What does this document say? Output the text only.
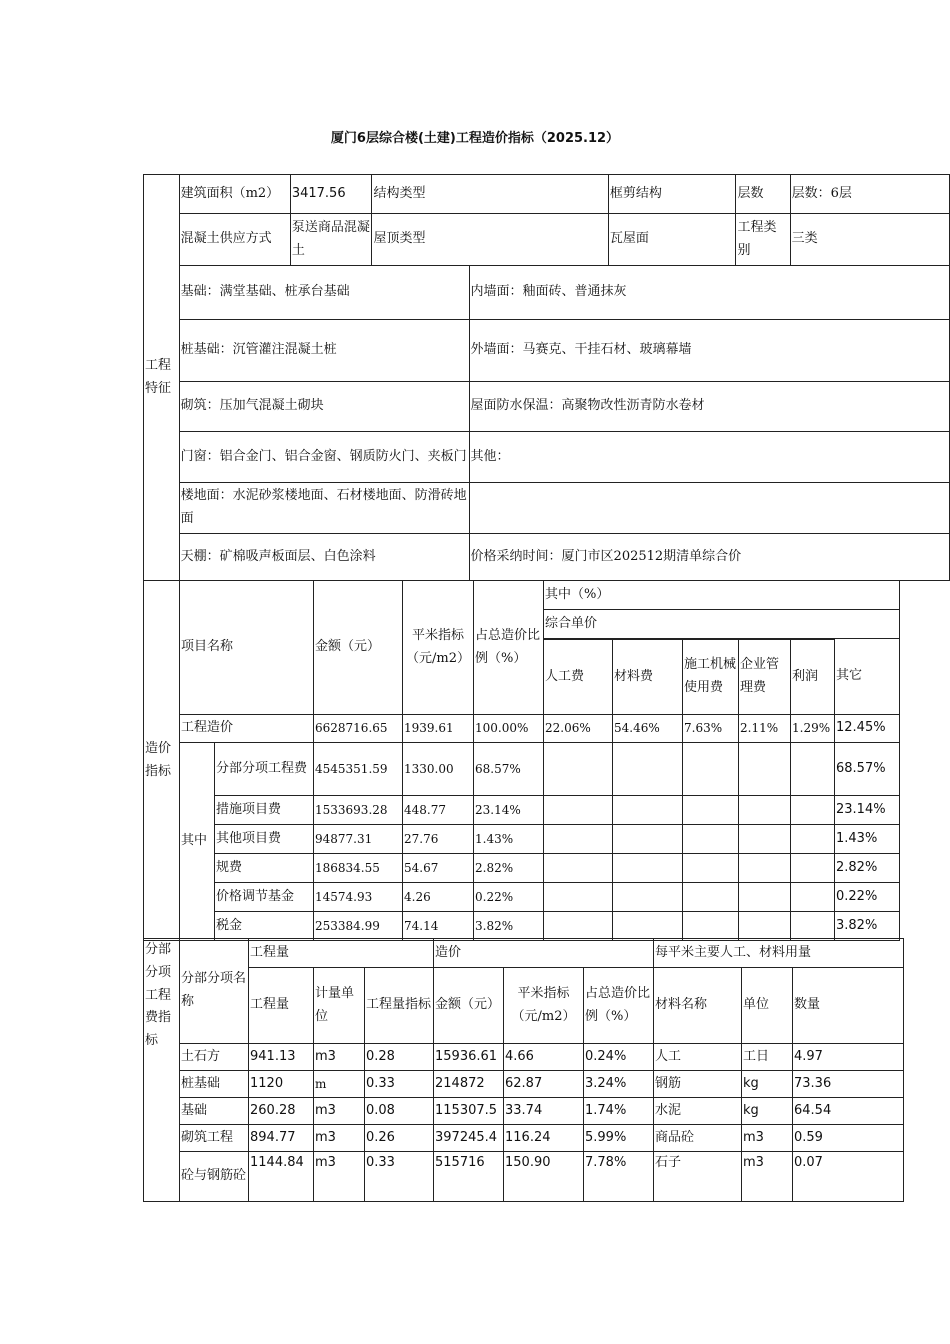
厦门6层综合楼(土建)工程造价指标（2025.12）
工程特征	建筑面积（m2）	3417.56	结构类型		框剪结构	层数	层数：6层
	混凝土供应方式	泵送商品混凝土	屋顶类型		瓦屋面	工程类别	三类
	基础：满堂基础、桩承台基础			内墙面：釉面砖、普通抹灰			
	桩基础：沉管灌注混凝土桩			外墙面：马赛克、干挂石材、玻璃幕墙			
	砌筑：压加气混凝土砌块			屋面防水保温：高聚物改性沥青防水卷材			
	门窗：铝合金门、铝合金窗、钢质防火门、夹板门			其他：			
	楼地面：水泥砂浆楼地面、石材楼地面、防滑砖地面						
	天棚：矿棉吸声板面层、白色涂料			价格采纳时间：厦门市区202512期清单综合价			
造价指标	项目名称		金额（元）	平米指标（元/m2）	占总造价比例（%）	其中（%）					
						综合单价					
											其它
						人工费	材料费	施工机械使用费	企业管理费	利润	
	工程造价		6628716.65	1939.61	100.00%	22.06%	54.46%	7.63%	2.11%	1.29%	12.45%
	其中	分部分项工程费	4545351.59	1330.00	68.57%						68.57%
		措施项目费	1533693.28	448.77	23.14%						23.14%
		其他项目费	94877.31	27.76	1.43%						1.43%
		规费	186834.55	54.67	2.82%						2.82%
		价格调节基金	14574.93	4.26	0.22%						0.22%
		税金	253384.99	74.14	3.82%						3.82%
分部分项工程费指标	分部分项名称	工程量			造价			每平米主要人工、材料用量		
		工程量	计量单位	工程量指标	金额（元）	平米指标（元/m2）	占总造价比例（%）	材料名称	单位	数量
	土石方	941.13	m3	0.28	15936.61	4.66	0.24%	人工	工日	4.97
	桩基础	1120	m	0.33	214872	62.87	3.24%	钢筋	kg	73.36
	基础	260.28	m3	0.08	115307.5	33.74	1.74%	水泥	kg	64.54
	砌筑工程	894.77	m3	0.26	397245.4	116.24	5.99%	商品砼	m3	0.59
	砼与钢筋砼	1144.84	m3	0.33	515716	150.90	7.78%	石子	m3	0.07
